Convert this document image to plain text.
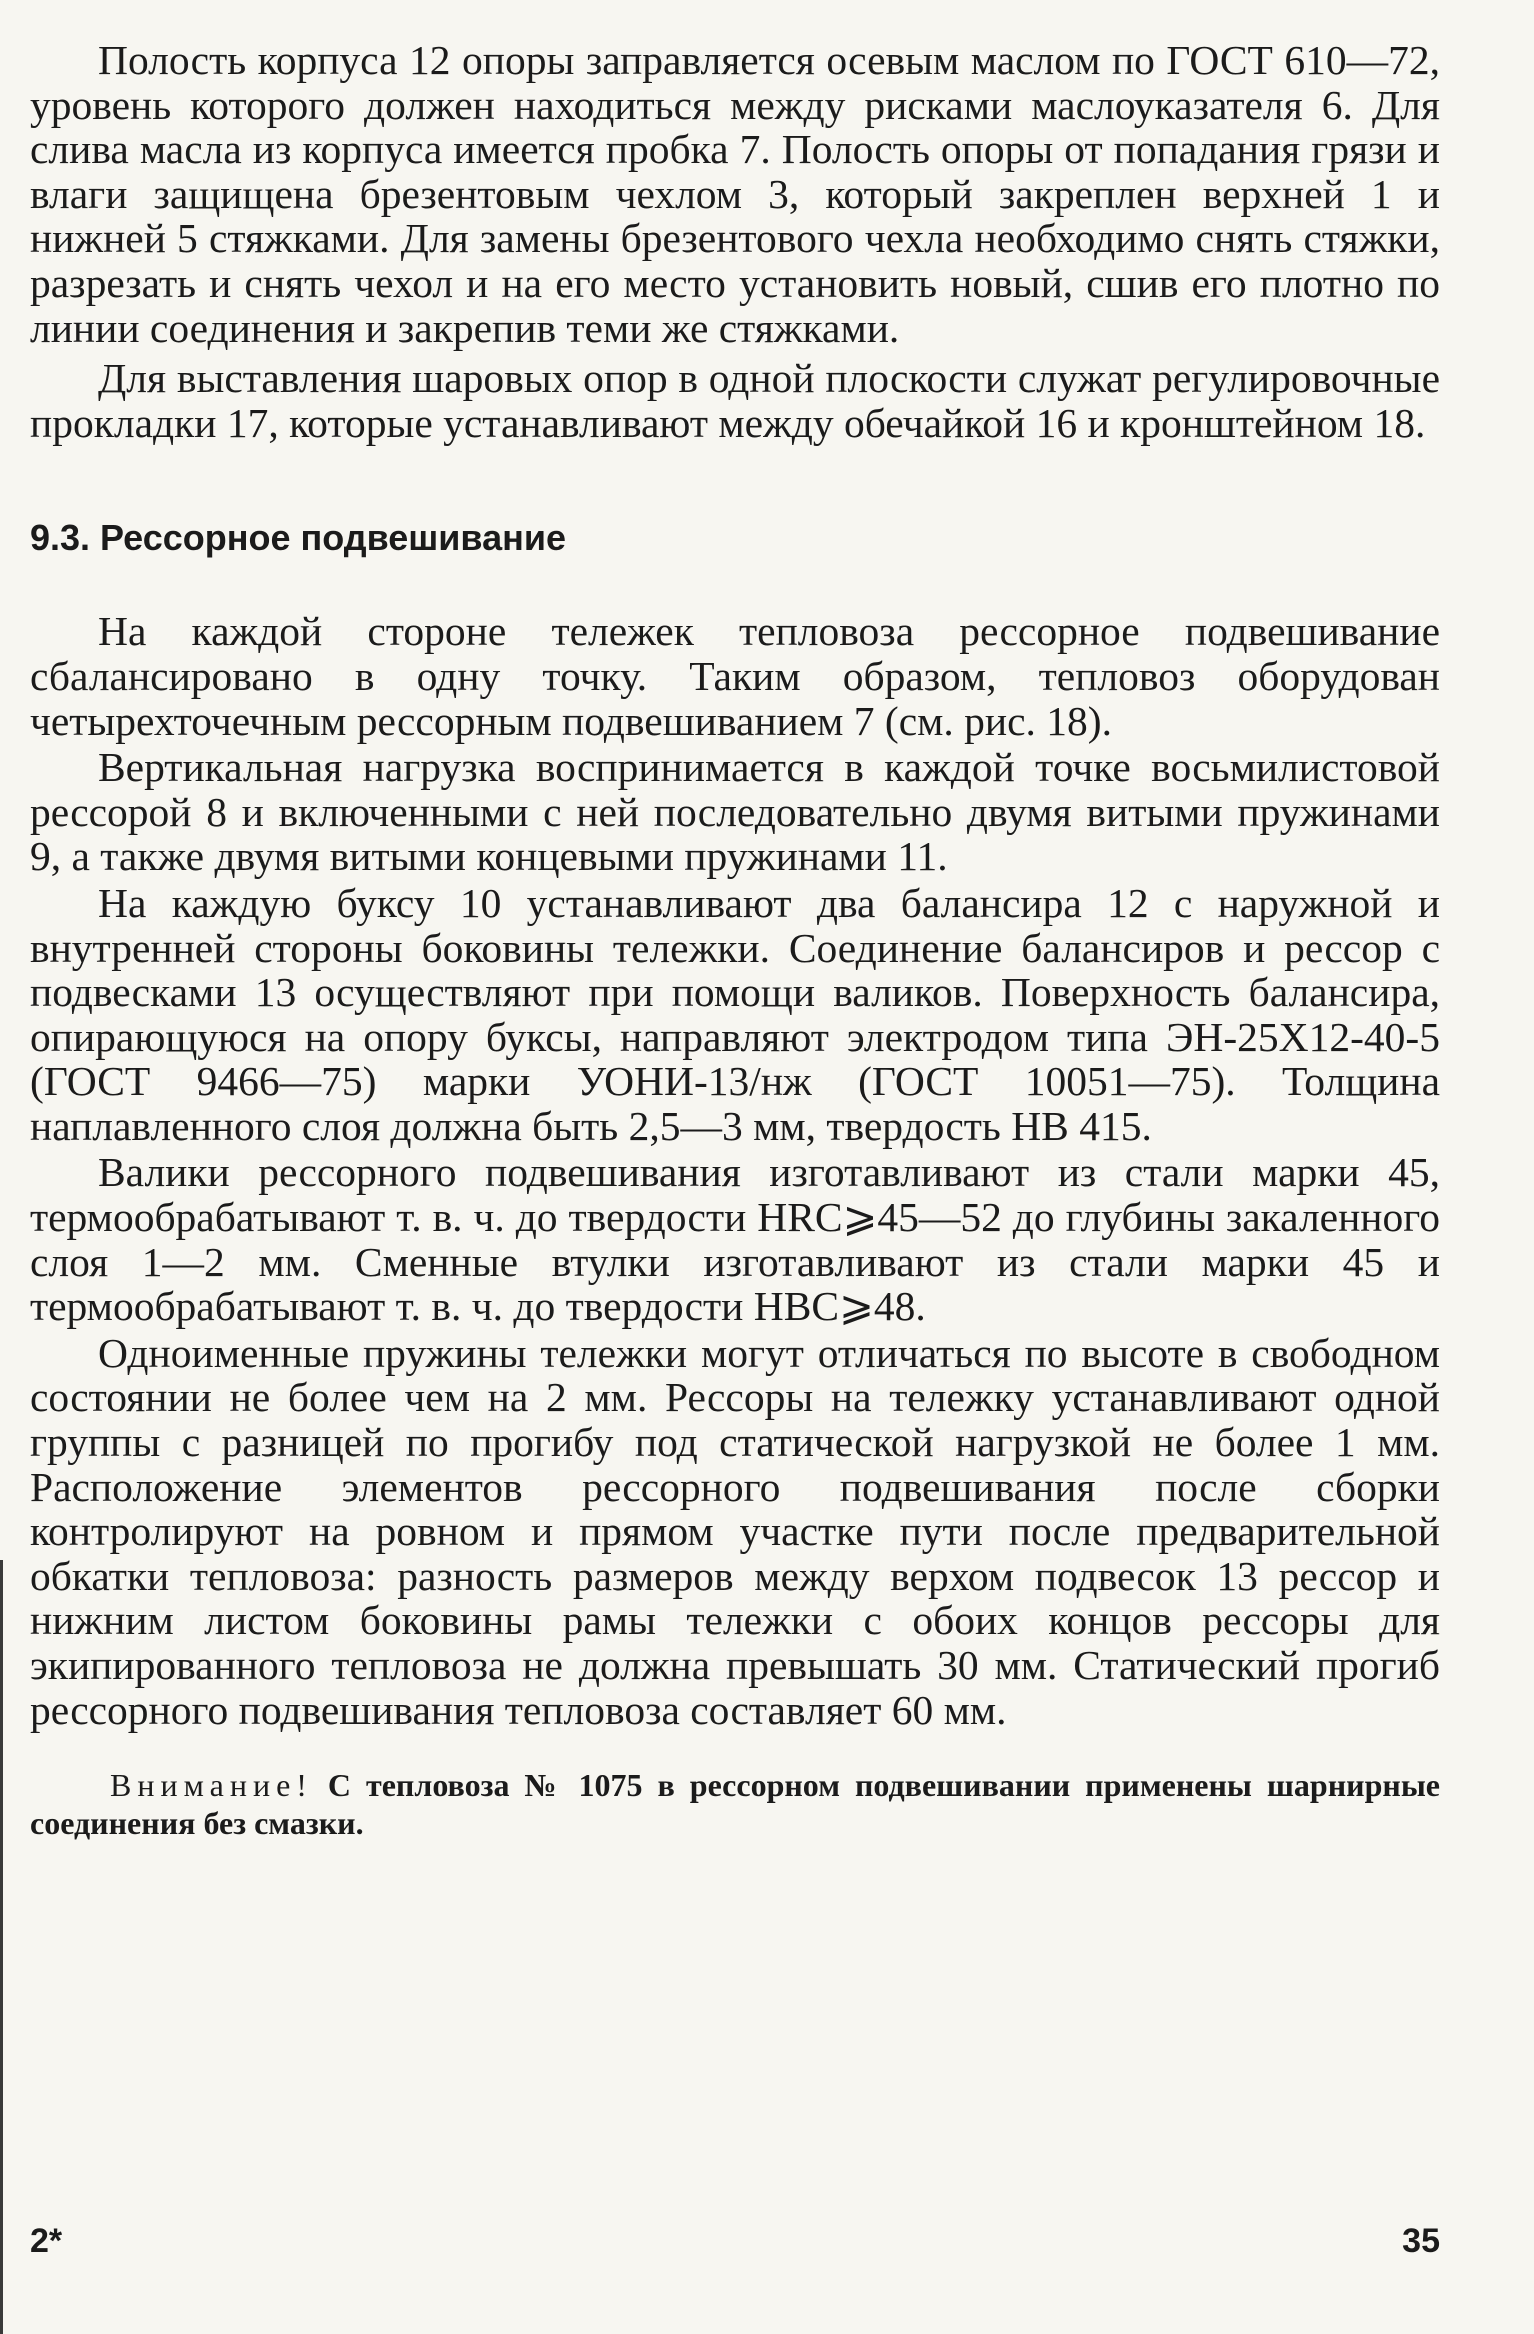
Полость корпуса 12 опоры заправляется осевым маслом по ГОСТ 610—72, уровень которого должен находиться между рисками маслоуказателя 6. Для слива масла из корпуса имеется пробка 7. Полость опоры от попадания грязи и влаги защищена брезентовым чехлом 3, который закреплен верхней 1 и нижней 5 стяжками. Для замены брезентового чехла необходимо снять стяжки, разрезать и снять чехол и на его место установить новый, сшив его плотно по линии соединения и закрепив теми же стяжками.

Для выставления шаровых опор в одной плоскости служат регулировочные прокладки 17, которые устанавливают между обечайкой 16 и кронштейном 18.

9.3. Рессорное подвешивание

На каждой стороне тележек тепловоза рессорное подвешивание сбалансировано в одну точку. Таким образом, тепловоз оборудован четырехточечным рессорным подвешиванием 7 (см. рис. 18).

Вертикальная нагрузка воспринимается в каждой точке восьмилистовой рессорой 8 и включенными с ней последовательно двумя витыми пружинами 9, а также двумя витыми концевыми пружинами 11.

На каждую буксу 10 устанавливают два балансира 12 с наружной и внутренней стороны боковины тележки. Соединение балансиров и рессор с подвесками 13 осуществляют при помощи валиков. Поверхность балансира, опирающуюся на опору буксы, направляют электродом типа ЭН-25Х12-40-5 (ГОСТ 9466—75) марки УОНИ-13/нж (ГОСТ 10051—75). Толщина наплавленного слоя должна быть 2,5—3 мм, твердость НВ 415.

Валики рессорного подвешивания изготавливают из стали марки 45, термообрабатывают т. в. ч. до твердости HRC⩾45—52 до глубины закаленного слоя 1—2 мм. Сменные втулки изготавливают из стали марки 45 и термообрабатывают т. в. ч. до твердости НВС⩾48.

Одноименные пружины тележки могут отличаться по высоте в свободном состоянии не более чем на 2 мм. Рессоры на тележку устанавливают одной группы с разницей по прогибу под статической нагрузкой не более 1 мм. Расположение элементов рессорного подвешивания после сборки контролируют на ровном и прямом участке пути после предварительной обкатки тепловоза: разность размеров между верхом подвесок 13 рессор и нижним листом боковины рамы тележки с обоих концов рессоры для экипированного тепловоза не должна превышать 30 мм. Статический прогиб рессорного подвешивания тепловоза составляет 60 мм.

Внимание! С тепловоза № 1075 в рессорном подвешивании применены шарнирные соединения без смазки.
2*	35
